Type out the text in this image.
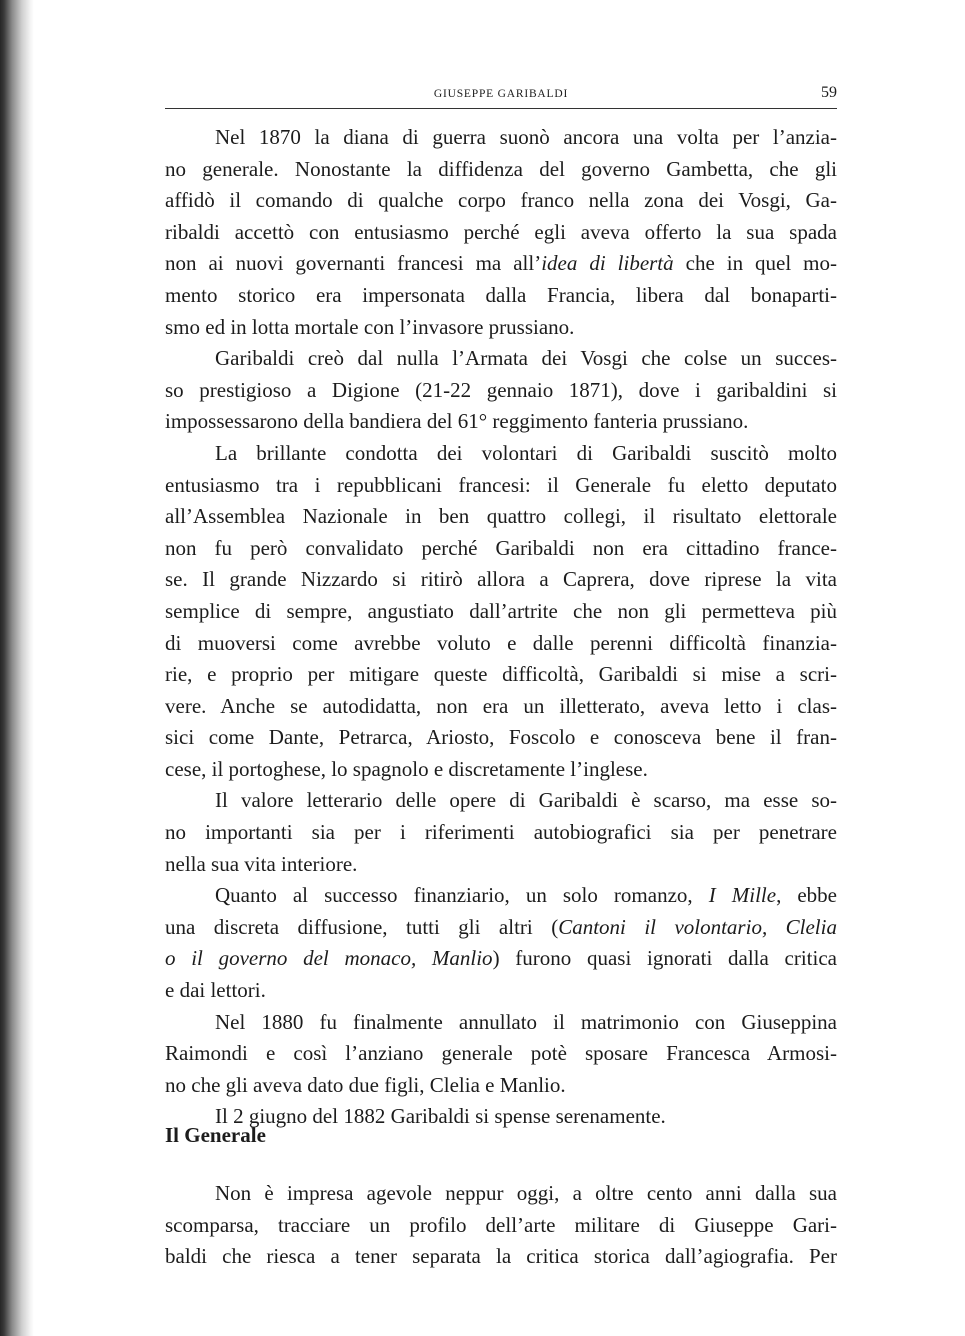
GIUSEPPE GARIBALDI	59
Nel 1870 la diana di guerra suonò ancora una volta per l’anzia-
no generale. Nonostante la diffidenza del governo Gambetta, che gli
affidò il comando di qualche corpo franco nella zona dei Vosgi, Ga-
ribaldi accettò con entusiasmo perché egli aveva offerto la sua spada
non ai nuovi governanti francesi ma all’idea di libertà che in quel mo-
mento storico era impersonata dalla Francia, libera dal bonaparti-
smo ed in lotta mortale con l’invasore prussiano.
Garibaldi creò dal nulla l’Armata dei Vosgi che colse un succes-
so prestigioso a Digione (21-22 gennaio 1871), dove i garibaldini si
impossessarono della bandiera del 61° reggimento fanteria prussiano.
La brillante condotta dei volontari di Garibaldi suscitò molto
entusiasmo tra i repubblicani francesi: il Generale fu eletto deputato
all’Assemblea Nazionale in ben quattro collegi, il risultato elettorale
non fu però convalidato perché Garibaldi non era cittadino france-
se. Il grande Nizzardo si ritirò allora a Caprera, dove riprese la vita
semplice di sempre, angustiato dall’artrite che non gli permetteva più
di muoversi come avrebbe voluto e dalle perenni difficoltà finanzia-
rie, e proprio per mitigare queste difficoltà, Garibaldi si mise a scri-
vere. Anche se autodidatta, non era un illetterato, aveva letto i clas-
sici come Dante, Petrarca, Ariosto, Foscolo e conosceva bene il fran-
cese, il portoghese, lo spagnolo e discretamente l’inglese.
Il valore letterario delle opere di Garibaldi è scarso, ma esse so-
no importanti sia per i riferimenti autobiografici sia per penetrare
nella sua vita interiore.
Quanto al successo finanziario, un solo romanzo, I Mille, ebbe
una discreta diffusione, tutti gli altri (Cantoni il volontario, Clelia
o il governo del monaco, Manlio) furono quasi ignorati dalla critica
e dai lettori.
Nel 1880 fu finalmente annullato il matrimonio con Giuseppina
Raimondi e così l’anziano generale potè sposare Francesca Armosi-
no che gli aveva dato due figli, Clelia e Manlio.
Il 2 giugno del 1882 Garibaldi si spense serenamente.
Il Generale
Non è impresa agevole neppur oggi, a oltre cento anni dalla sua
scomparsa, tracciare un profilo dell’arte militare di Giuseppe Gari-
baldi che riesca a tener separata la critica storica dall’agiografia. Per
